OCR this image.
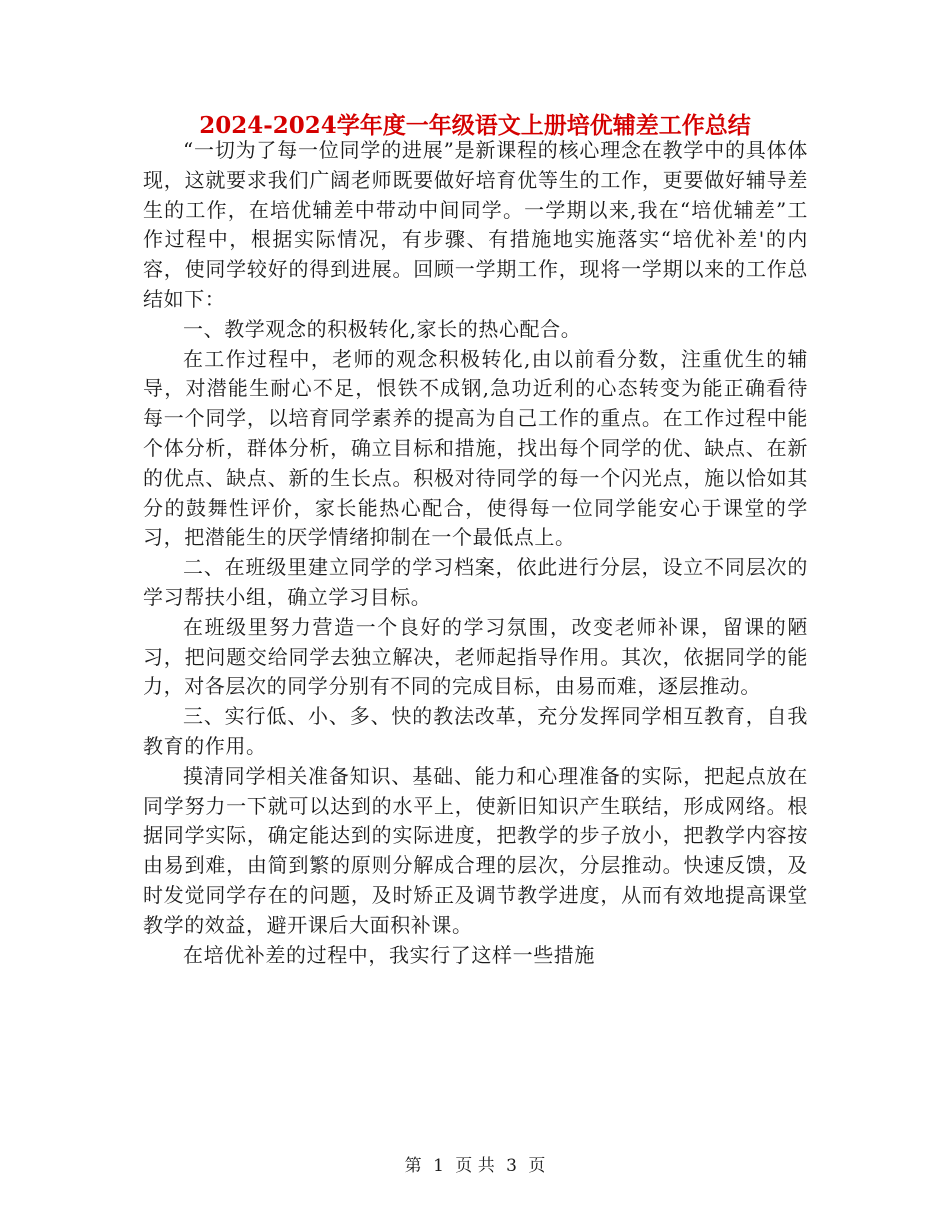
2024-2024学年度一年级语文上册培优辅差工作总结

“一切为了每一位同学的进展”是新课程的核心理念在教学中的具体体现，这就要求我们广阔老师既要做好培育优等生的工作，更要做好辅导差生的工作，在培优辅差中带动中间同学。一学期以来,我在“培优辅差”工作过程中，根据实际情况，有步骤、有措施地实施落实“培优补差'的内容，使同学较好的得到进展。回顾一学期工作，现将一学期以来的工作总结如下：

一、教学观念的积极转化,家长的热心配合。

在工作过程中，老师的观念积极转化,由以前看分数，注重优生的辅导，对潜能生耐心不足，恨铁不成钢,急功近利的心态转变为能正确看待每一个同学，以培育同学素养的提高为自己工作的重点。在工作过程中能个体分析，群体分析，确立目标和措施，找出每个同学的优、缺点、在新的优点、缺点、新的生长点。积极对待同学的每一个闪光点，施以恰如其分的鼓舞性评价，家长能热心配合，使得每一位同学能安心于课堂的学习，把潜能生的厌学情绪抑制在一个最低点上。

二、在班级里建立同学的学习档案，依此进行分层，设立不同层次的学习帮扶小组，确立学习目标。

在班级里努力营造一个良好的学习氛围，改变老师补课，留课的陋习，把问题交给同学去独立解决，老师起指导作用。其次，依据同学的能力，对各层次的同学分别有不同的完成目标，由易而难，逐层推动。

三、实行低、小、多、快的教法改革，充分发挥同学相互教育，自我教育的作用。

摸清同学相关准备知识、基础、能力和心理准备的实际，把起点放在同学努力一下就可以达到的水平上，使新旧知识产生联结，形成网络。根据同学实际，确定能达到的实际进度，把教学的步子放小，把教学内容按由易到难，由简到繁的原则分解成合理的层次，分层推动。快速反馈，及时发觉同学存在的问题，及时矫正及调节教学进度，从而有效地提高课堂教学的效益，避开课后大面积补课。

在培优补差的过程中，我实行了这样一些措施

第 1 页 共 3 页
